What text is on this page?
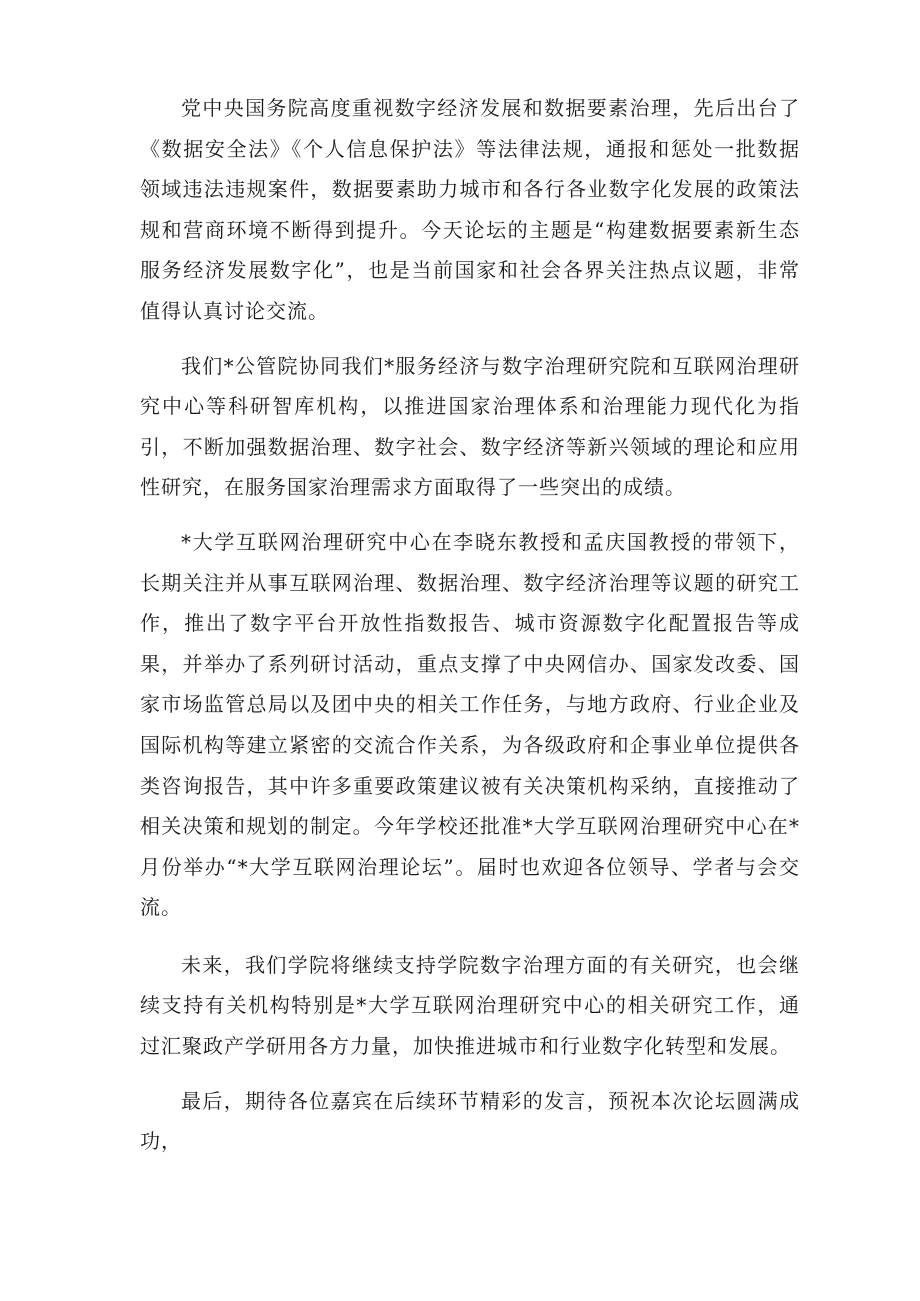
党中央国务院高度重视数字经济发展和数据要素治理，先后出台了《数据安全法》《个人信息保护法》等法律法规，通报和惩处一批数据领域违法违规案件，数据要素助力城市和各行各业数字化发展的政策法规和营商环境不断得到提升。今天论坛的主题是“构建数据要素新生态服务经济发展数字化”，也是当前国家和社会各界关注热点议题，非常值得认真讨论交流。

我们*公管院协同我们*服务经济与数字治理研究院和互联网治理研究中心等科研智库机构，以推进国家治理体系和治理能力现代化为指引，不断加强数据治理、数字社会、数字经济等新兴领域的理论和应用性研究，在服务国家治理需求方面取得了一些突出的成绩。

*大学互联网治理研究中心在李晓东教授和孟庆国教授的带领下，长期关注并从事互联网治理、数据治理、数字经济治理等议题的研究工作，推出了数字平台开放性指数报告、城市资源数字化配置报告等成果，并举办了系列研讨活动，重点支撑了中央网信办、国家发改委、国家市场监管总局以及团中央的相关工作任务，与地方政府、行业企业及国际机构等建立紧密的交流合作关系，为各级政府和企事业单位提供各类咨询报告，其中许多重要政策建议被有关决策机构采纳，直接推动了相关决策和规划的制定。今年学校还批准*大学互联网治理研究中心在*月份举办“*大学互联网治理论坛”。届时也欢迎各位领导、学者与会交流。

未来，我们学院将继续支持学院数字治理方面的有关研究，也会继续支持有关机构特别是*大学互联网治理研究中心的相关研究工作，通过汇聚政产学研用各方力量，加快推进城市和行业数字化转型和发展。

最后，期待各位嘉宾在后续环节精彩的发言，预祝本次论坛圆满成功，
